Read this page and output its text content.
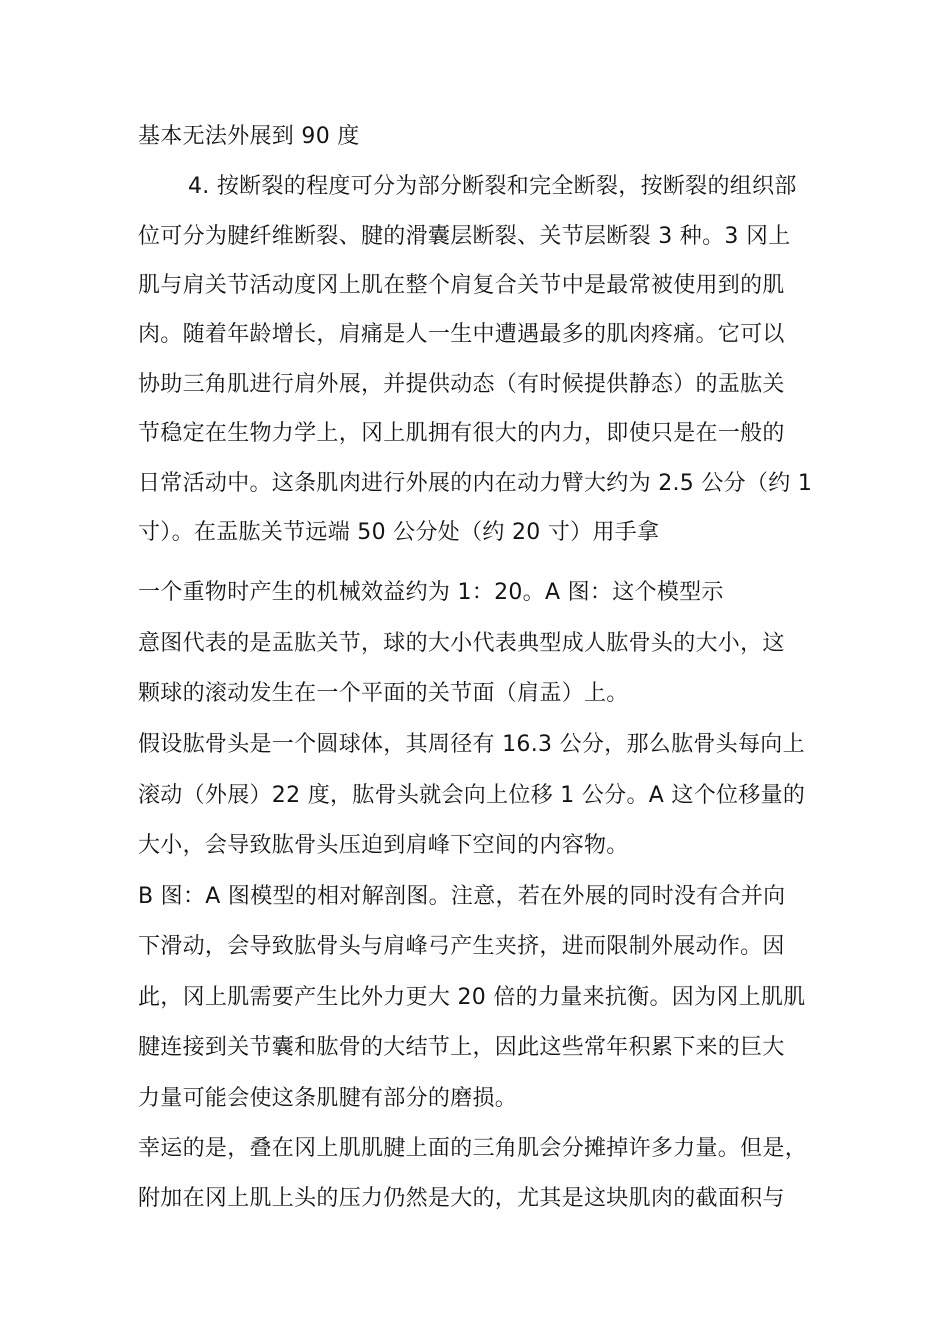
基本无法外展到 90 度
4. 按断裂的程度可分为部分断裂和完全断裂，按断裂的组织部
位可分为腱纤维断裂、腱的滑囊层断裂、关节层断裂 3 种。3 冈上
肌与肩关节活动度冈上肌在整个肩复合关节中是最常被使用到的肌
肉。随着年龄增长，肩痛是人一生中遭遇最多的肌肉疼痛。它可以
协助三角肌进行肩外展，并提供动态（有时候提供静态）的盂肱关
节稳定在生物力学上，冈上肌拥有很大的内力，即使只是在一般的
日常活动中。这条肌肉进行外展的内在动力臂大约为 2.5 公分（约 1
寸）。在盂肱关节远端 50 公分处（约 20 寸）用手拿
一个重物时产生的机械效益约为 1：20。A 图：这个模型示
意图代表的是盂肱关节，球的大小代表典型成人肱骨头的大小，这
颗球的滚动发生在一个平面的关节面（肩盂）上。
假设肱骨头是一个圆球体，其周径有 16.3 公分，那么肱骨头每向上
滚动（外展）22 度，肱骨头就会向上位移 1 公分。A 这个位移量的
大小，会导致肱骨头压迫到肩峰下空间的内容物。
B 图：A 图模型的相对解剖图。注意，若在外展的同时没有合并向
下滑动，会导致肱骨头与肩峰弓产生夹挤，进而限制外展动作。因
此，冈上肌需要产生比外力更大 20 倍的力量来抗衡。因为冈上肌肌
腱连接到关节囊和肱骨的大结节上，因此这些常年积累下来的巨大
力量可能会使这条肌腱有部分的磨损。
幸运的是，叠在冈上肌肌腱上面的三角肌会分摊掉许多力量。但是，
附加在冈上肌上头的压力仍然是大的，尤其是这块肌肉的截面积与
